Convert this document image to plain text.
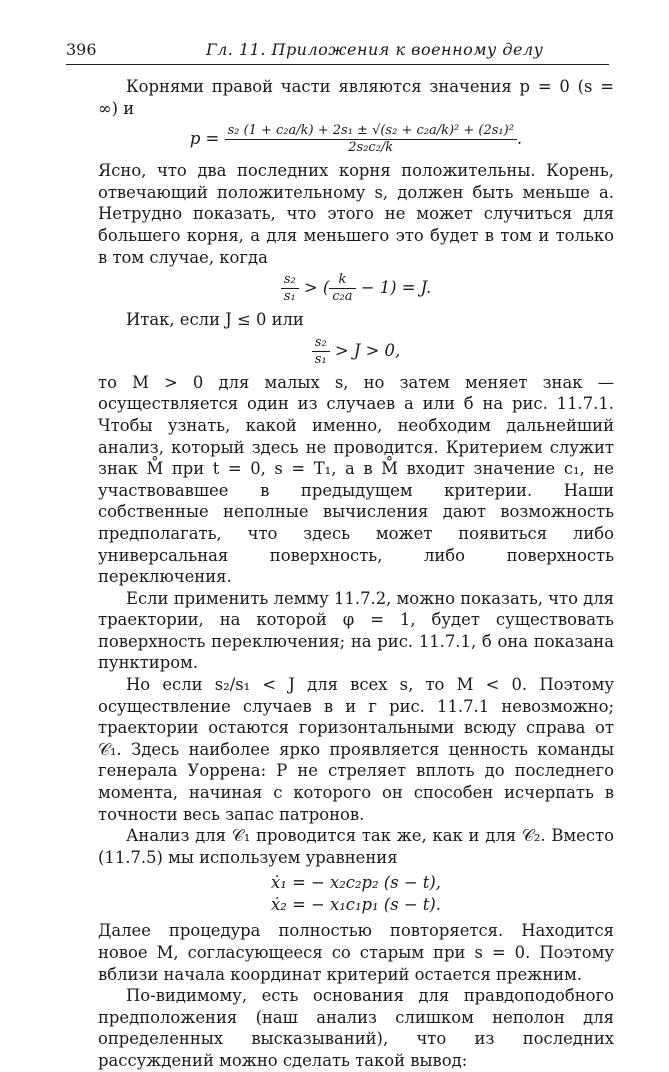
396	Гл. 11. Приложения к военному делу

Корнями правой части являются значения p = 0 (s = ∞) и

$p = \frac{\text{s₂ (1 + c₂a/k) + 2s₁ ± √(s₂ + c₂a/k)² + (2s₁)²}}{\text{2s₂c₂/k}}$ .

Ясно, что два последних корня положительны. Корень, отвечающий положительному s, должен быть меньше a. Нетрудно показать, что этого не может случиться для большего корня, а для меньшего это будет в том и только в том случае, когда

$\frac{\text{s₂}}{\text{s₁}}$ > ( $\frac{k}{\text{c₂a}} - 1) = J$.

Итак, если J ≤ 0 или

$\frac{\text{s₂}}{\text{s₁}} > J > 0$,

то M > 0 для малых s, но затем меняет знак — осуществляется один из случаев a или б на рис. 11.7.1. Чтобы узнать, какой именно, необходим дальнейший анализ, который здесь не проводится. Критерием служит знак M̊ при t = 0, s = T₁, а в M̊ входит значение c₁, не участвовавшее в предыдущем критерии. Наши собственные неполные вычисления дают возможность предполагать, что здесь может появиться либо универсальная поверхность, либо поверхность переключения.

Если применить лемму 11.7.2, можно показать, что для траектории, на которой φ = 1, будет существовать поверхность переключения; на рис. 11.7.1, б она показана пунктиром.

Но если s₂/s₁ < J для всех s, то M < 0. Поэтому осуществление случаев в и г рис. 11.7.1 невозможно; траектории остаются горизонтальными всюду справа от 𝒞₁. Здесь наиболее ярко проявляется ценность команды генерала Уоррена: P не стреляет вплоть до последнего момента, начиная с которого он способен исчерпать в точности весь запас патронов.

Анализ для 𝒞₁ проводится так же, как и для 𝒞₂. Вместо (11.7.5) мы используем уравнения

ẋ₁ = − x₂c₂p₂ (s − t),
ẋ₂ = − x₁c₁p₁ (s − t).

Далее процедура полностью повторяется. Находится новое M, согласующееся со старым при s = 0. Поэтому вблизи начала координат критерий остается прежним.

По-видимому, есть основания для правдоподобного предположения (наш анализ слишком неполон для определенных высказываний), что из последних рассуждений можно сделать такой вывод:
